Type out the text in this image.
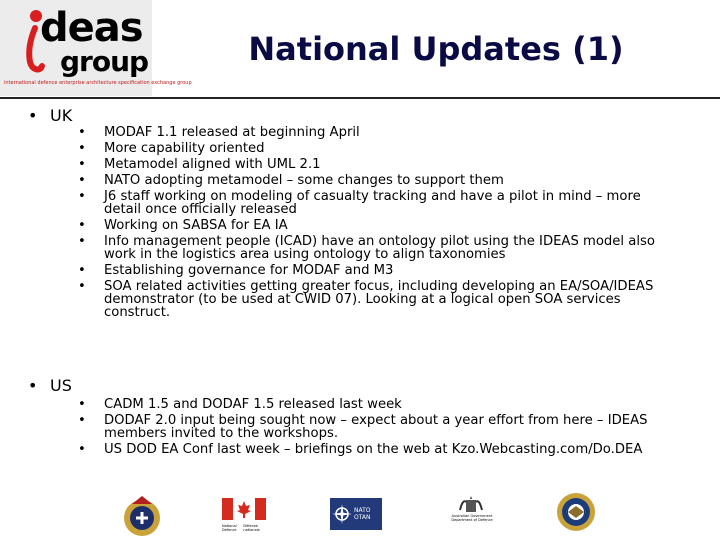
deas
group
international defence enterprise architecture specification exchange group
National Updates (1)
• UK
• MODAF 1.1 released at beginning April
• More capability oriented
• Metamodel aligned with UML 2.1
• NATO adopting metamodel – some changes to support them
• J6 staff working on modeling of casualty tracking and have a pilot in mind – more detail once officially released
• Working on SABSA for EA IA
• Info management people (ICAD) have an ontology pilot using the IDEAS model also work in the logistics area using ontology to align taxonomies
• Establishing governance for MODAF and M3
• SOA related activities getting greater focus, including developing an EA/SOA/IDEAS demonstrator (to be used at CWID 07). Looking at a logical open SOA services construct.
• US
• CADM 1.5 and DODAF 1.5 released last week
• DODAF 2.0 input being sought now – expect about a year effort from here – IDEAS members invited to the workshops.
• US DOD EA Conf last week – briefings on the web at Kzo.Webcasting.com/Do.DEA
National Defence
Défense nationale
NATO OTAN	Australian Government Department of Defence
